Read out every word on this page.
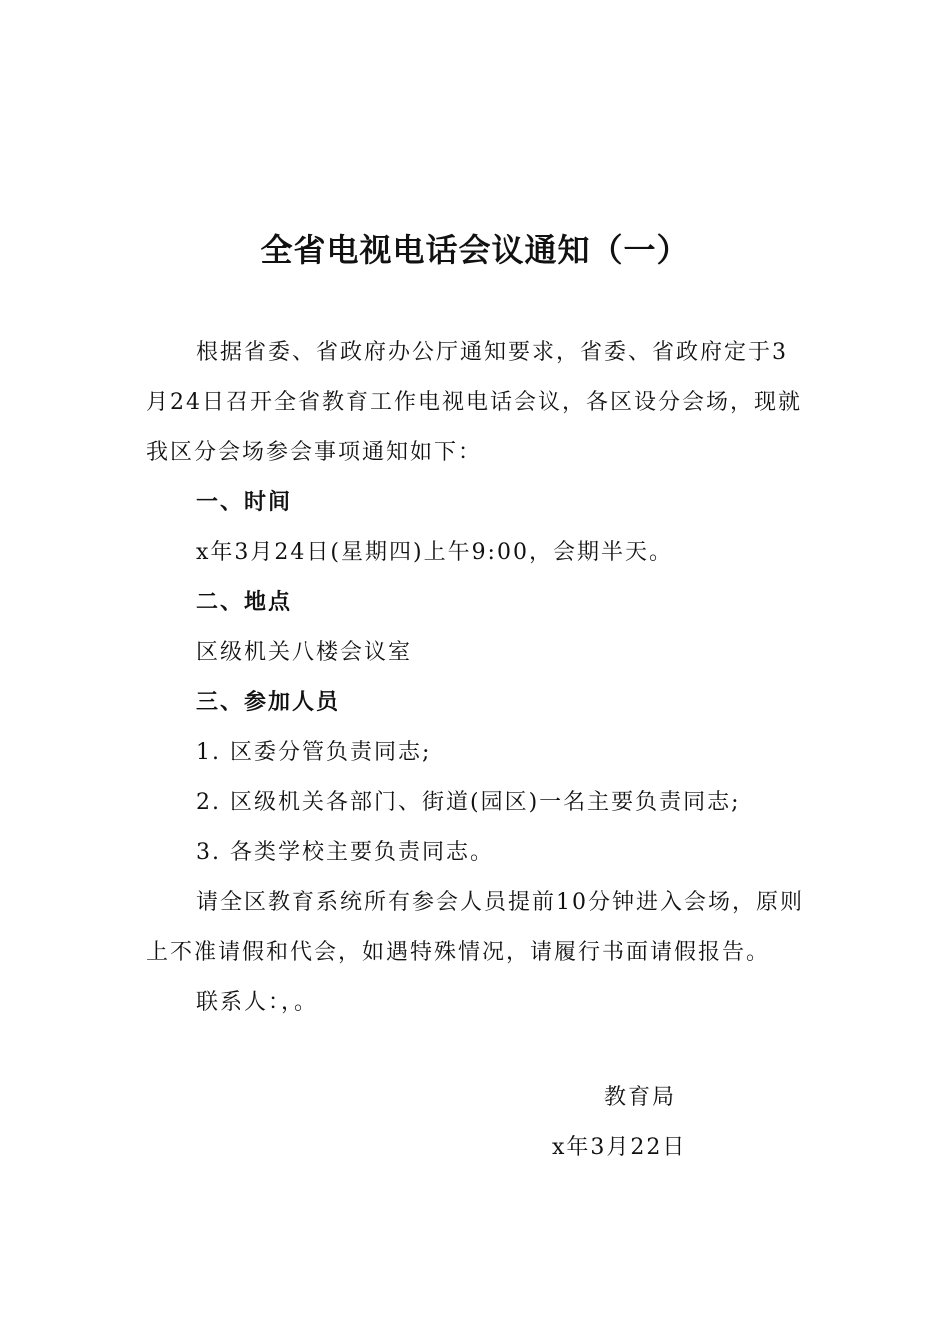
全省电视电话会议通知（一）

根据省委、省政府办公厅通知要求，省委、省政府定于3月24日召开全省教育工作电视电话会议，各区设分会场，现就我区分会场参会事项通知如下：

一、时间

x年3月24日(星期四)上午9:00，会期半天。

二、地点

区级机关八楼会议室

三、参加人员

1. 区委分管负责同志;

2. 区级机关各部门、街道(园区)一名主要负责同志;

3. 各类学校主要负责同志。

请全区教育系统所有参会人员提前10分钟进入会场，原则上不准请假和代会，如遇特殊情况，请履行书面请假报告。

联系人：，。

教育局
x年3月22日
